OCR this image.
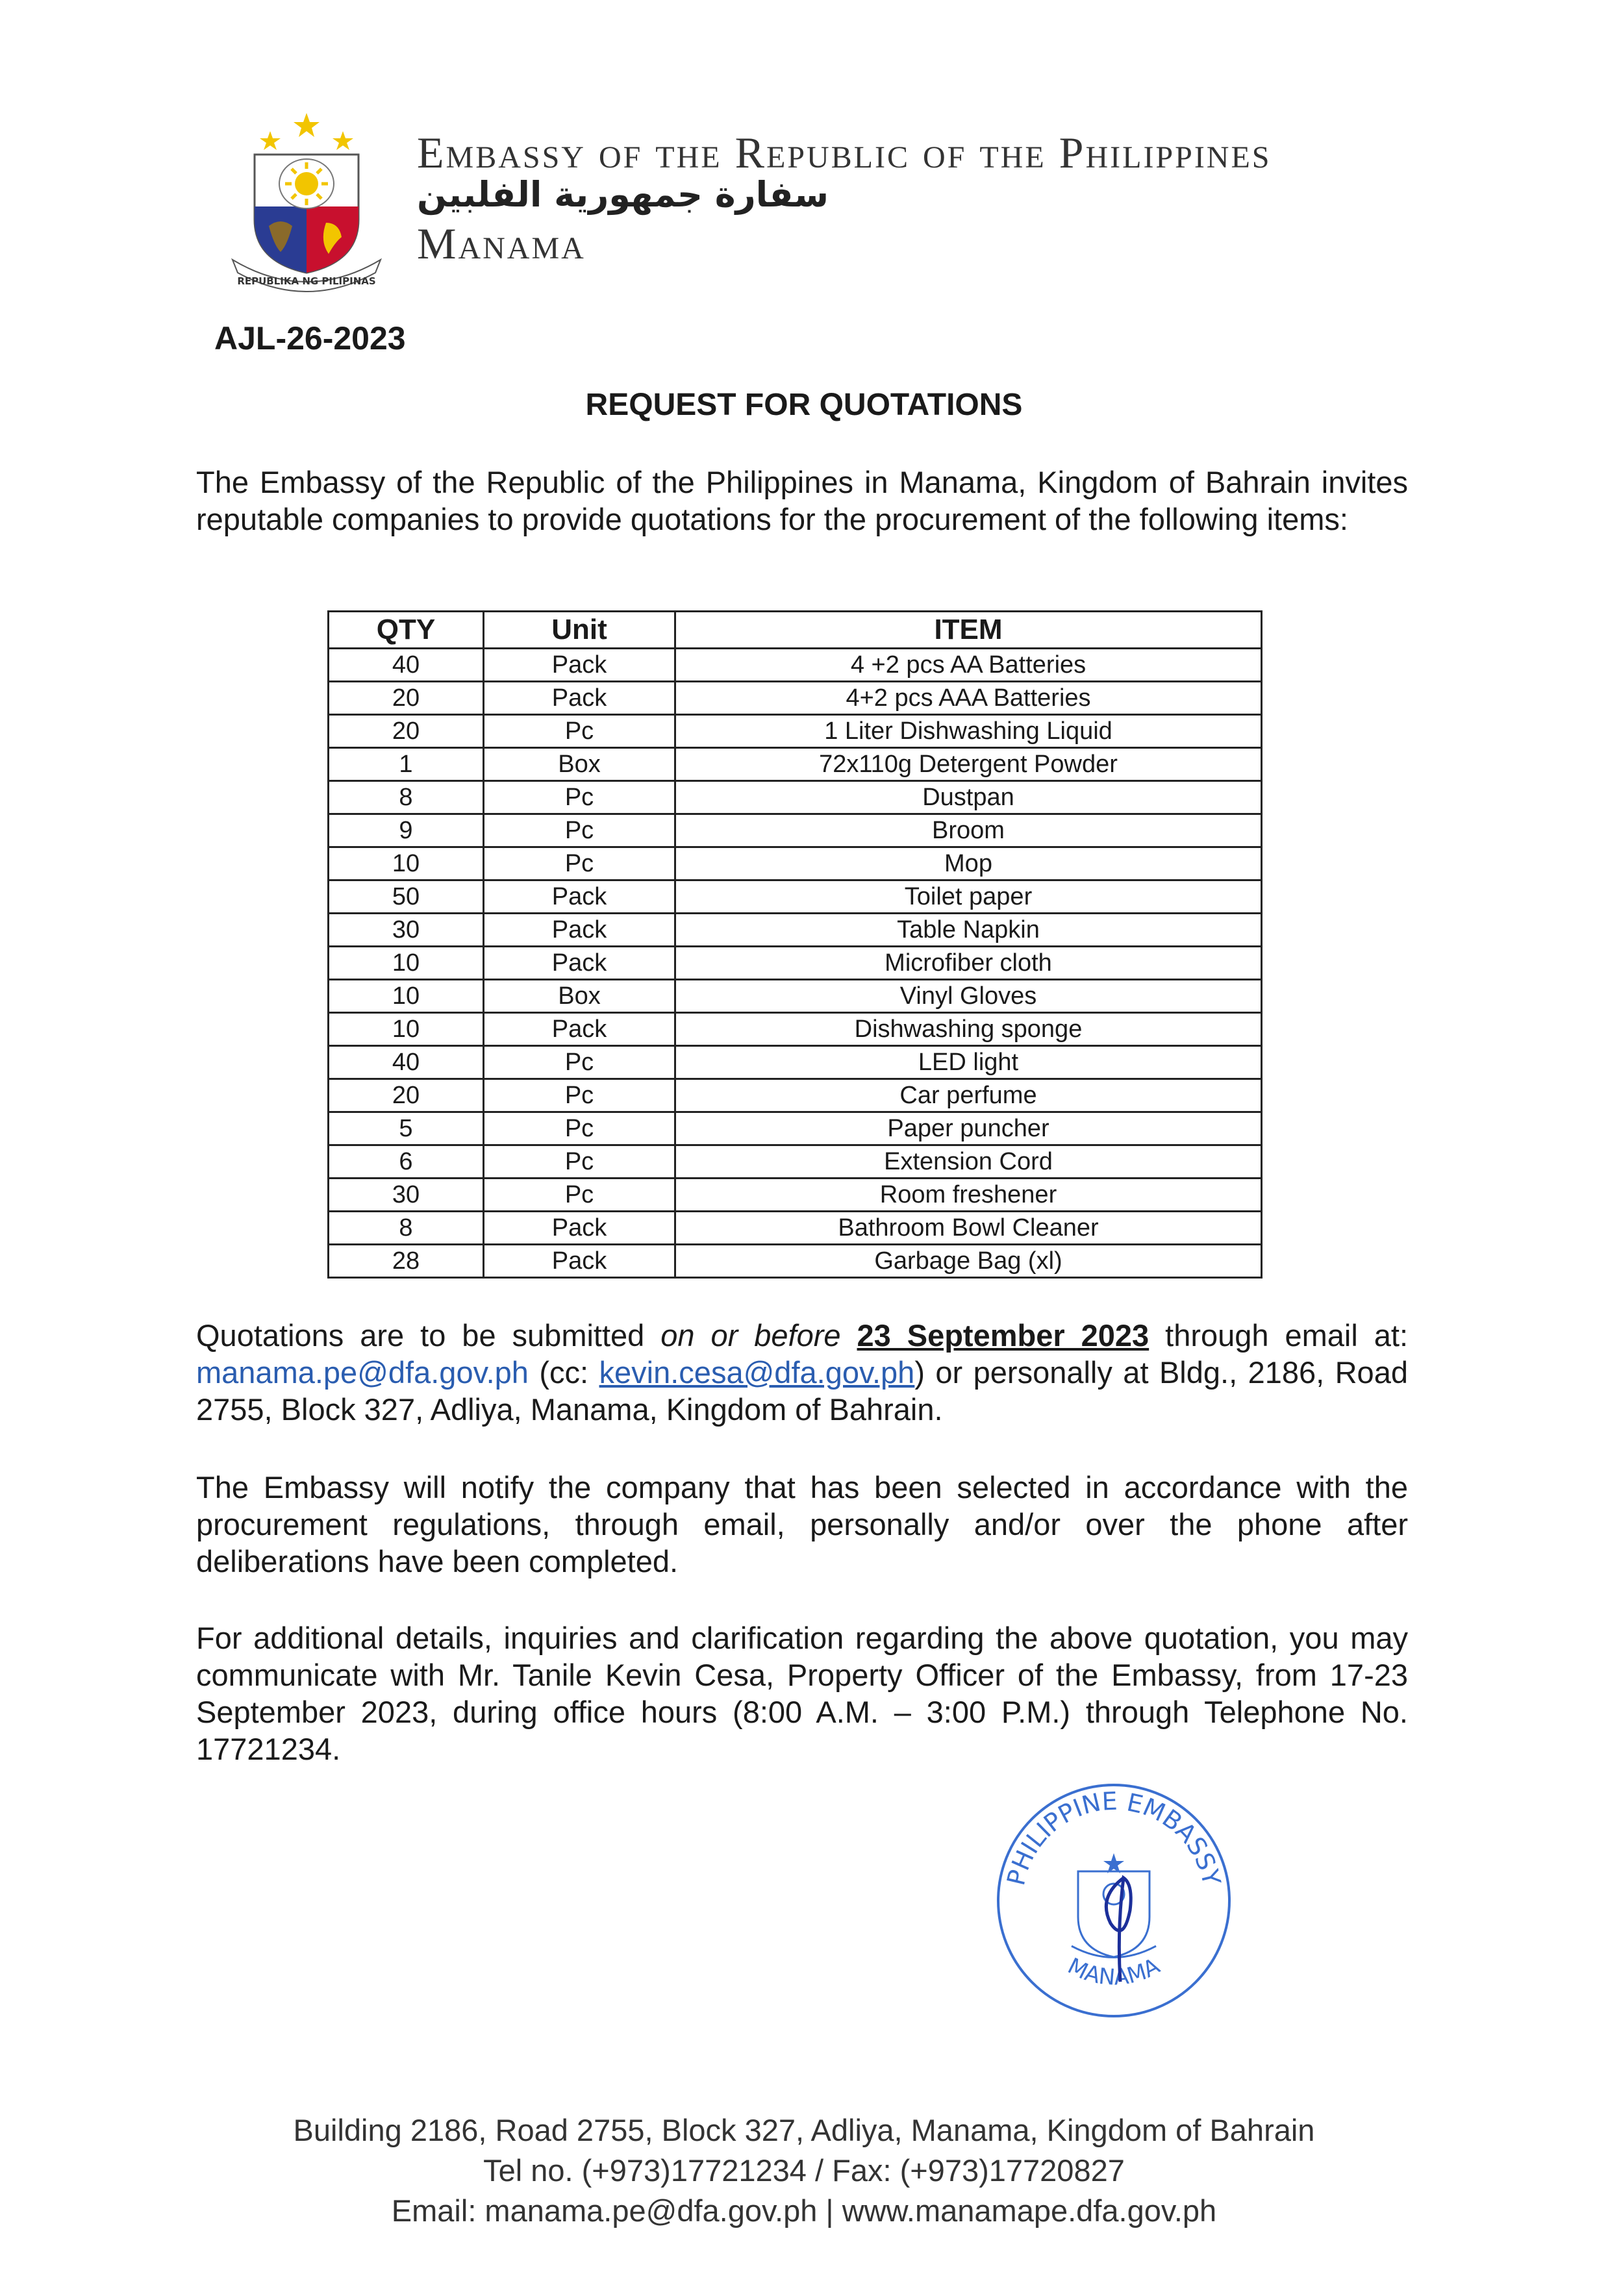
REPUBLIKA NG PILIPINAS
Embassy of the Republic of the Philippines
سفارة جمهورية الفلبين
Manama
AJL-26-2023
REQUEST FOR QUOTATIONS
The Embassy of the Republic of the Philippines in Manama, Kingdom of Bahrain invites reputable companies to provide quotations for the procurement of the following items:
QTY	Unit	ITEM
40	Pack	4 +2 pcs AA Batteries
20	Pack	4+2 pcs AAA Batteries
20	Pc	1 Liter Dishwashing Liquid
1	Box	72x110g Detergent Powder
8	Pc	Dustpan
9	Pc	Broom
10	Pc	Mop
50	Pack	Toilet paper
30	Pack	Table Napkin
10	Pack	Microfiber cloth
10	Box	Vinyl Gloves
10	Pack	Dishwashing sponge
40	Pc	LED light
20	Pc	Car perfume
5	Pc	Paper puncher
6	Pc	Extension Cord
30	Pc	Room freshener
8	Pack	Bathroom Bowl Cleaner
28	Pack	Garbage Bag (xl)
Quotations are to be submitted on or before 23 September 2023 through email at: manama.pe@dfa.gov.ph (cc: kevin.cesa@dfa.gov.ph) or personally at Bldg., 2186, Road 2755, Block 327, Adliya, Manama, Kingdom of Bahrain.
The Embassy will notify the company that has been selected in accordance with the procurement regulations, through email, personally and/or over the phone after deliberations have been completed.
For additional details, inquiries and clarification regarding the above quotation, you may communicate with Mr. Tanile Kevin Cesa, Property Officer of the Embassy, from 17-23 September 2023, during office hours (8:00 A.M. – 3:00 P.M.) through Telephone No. 17721234.
PHILIPPINE EMBASSY
MANAMA
Building 2186, Road 2755, Block 327, Adliya, Manama, Kingdom of Bahrain
Tel no. (+973)17721234 / Fax: (+973)17720827
Email: manama.pe@dfa.gov.ph | www.manamape.dfa.gov.ph
